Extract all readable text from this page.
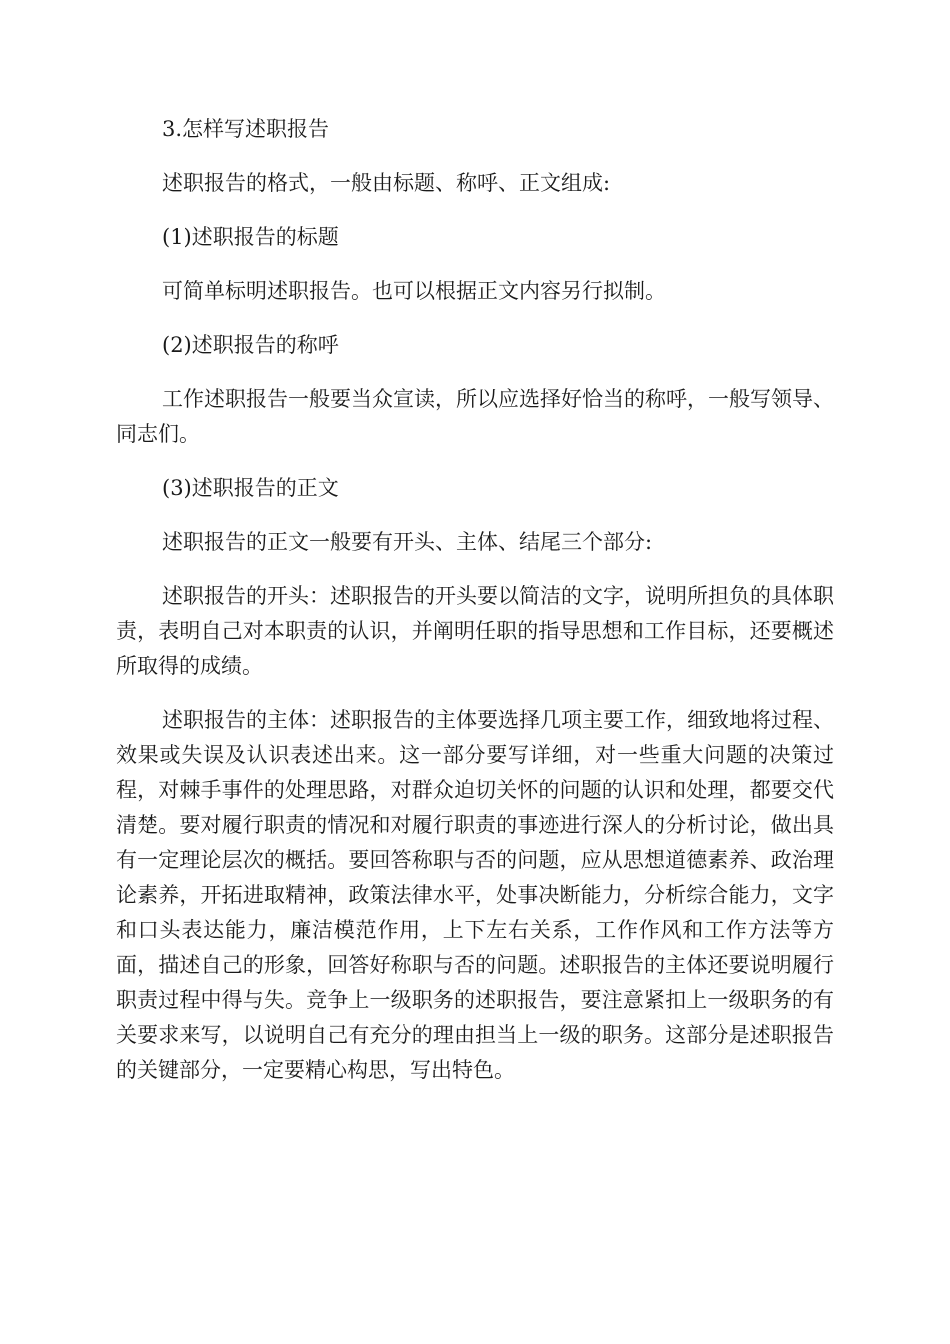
3.怎样写述职报告

述职报告的格式，一般由标题、称呼、正文组成:

(1)述职报告的标题

可简单标明述职报告。也可以根据正文内容另行拟制。

(2)述职报告的称呼

工作述职报告一般要当众宣读，所以应选择好恰当的称呼，一般写领导、同志们。

(3)述职报告的正文

述职报告的正文一般要有开头、主体、结尾三个部分:

述职报告的开头：述职报告的开头要以简洁的文字，说明所担负的具体职责，表明自己对本职责的认识，并阐明任职的指导思想和工作目标，还要概述所取得的成绩。

述职报告的主体：述职报告的主体要选择几项主要工作，细致地将过程、效果或失误及认识表述出来。这一部分要写详细，对一些重大问题的决策过程，对棘手事件的处理思路，对群众迫切关怀的问题的认识和处理，都要交代清楚。要对履行职责的情况和对履行职责的事迹进行深人的分析讨论，做出具有一定理论层次的概括。要回答称职与否的问题，应从思想道德素养、政治理论素养，开拓进取精神，政策法律水平，处事决断能力，分析综合能力，文字和口头表达能力，廉洁模范作用，上下左右关系，工作作风和工作方法等方面，描述自己的形象，回答好称职与否的问题。述职报告的主体还要说明履行职责过程中得与失。竞争上一级职务的述职报告，要注意紧扣上一级职务的有关要求来写，以说明自己有充分的理由担当上一级的职务。这部分是述职报告的关键部分，一定要精心构思，写出特色。
